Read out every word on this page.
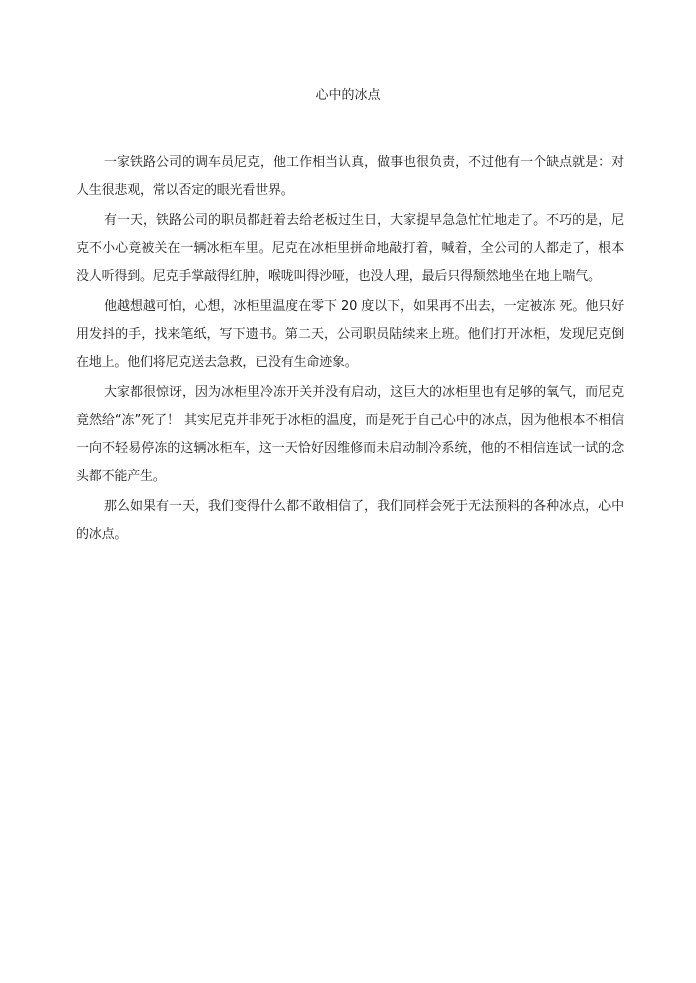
心中的冰点

一家铁路公司的调车员尼克，他工作相当认真，做事也很负责，不过他有一个缺点就是：对人生很悲观，常以否定的眼光看世界。

有一天，铁路公司的职员都赶着去给老板过生日，大家提早急急忙忙地走了。不巧的是，尼克不小心竟被关在一辆冰柜车里。尼克在冰柜里拼命地敲打着，喊着，全公司的人都走了，根本没人听得到。尼克手掌敲得红肿，喉咙叫得沙哑，也没人理，最后只得颓然地坐在地上喘气。

他越想越可怕，心想，冰柜里温度在零下 20 度以下，如果再不出去，一定被冻 死。他只好用发抖的手，找来笔纸，写下遗书。第二天，公司职员陆续来上班。他们打开冰柜，发现尼克倒在地上。他们将尼克送去急救，已没有生命迹象。

大家都很惊讶，因为冰柜里冷冻开关并没有启动，这巨大的冰柜里也有足够的氧气，而尼克竟然给“冻”死了！ 其实尼克并非死于冰柜的温度，而是死于自己心中的冰点，因为他根本不相信一向不轻易停冻的这辆冰柜车，这一天恰好因维修而未启动制冷系统，他的不相信连试一试的念头都不能产生。

那么如果有一天，我们变得什么都不敢相信了，我们同样会死于无法预料的各种冰点，心中的冰点。
